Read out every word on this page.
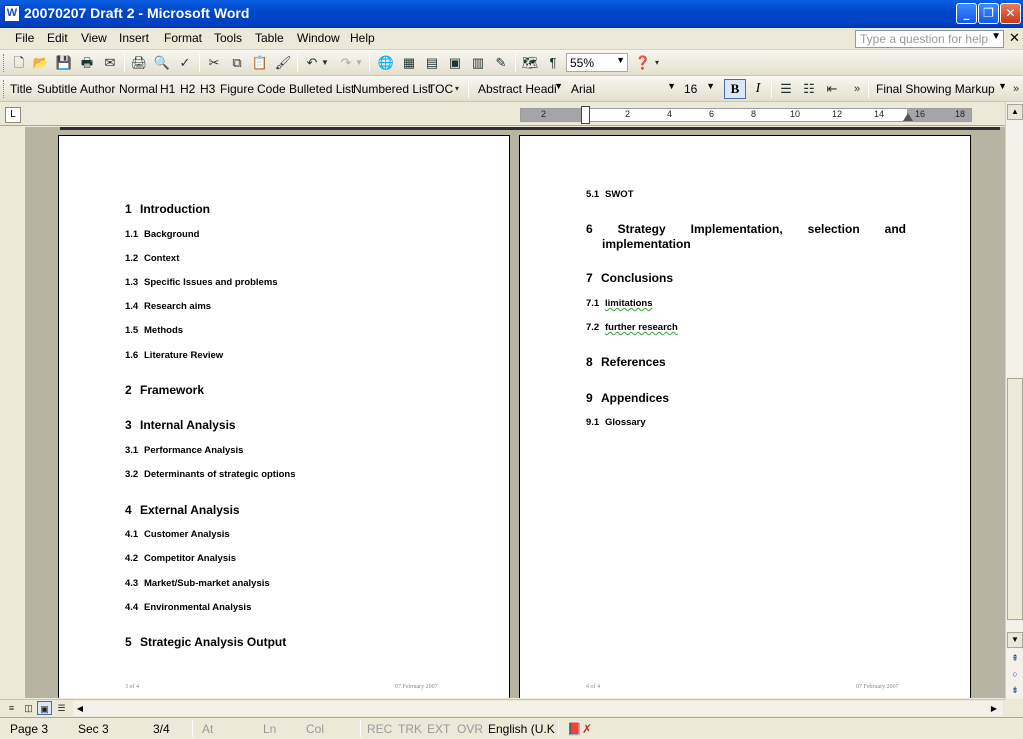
W 20070207 Draft 2 - Microsoft Word	_	❐ ✕
File Edit View Insert Format Tools Table Window Help	Type a question for help ▼ ✕
🗋 📂 💾 🖶 ✉ 🖨 🔍 ✓ ✂ ⧉ 📋 🖌 ↶ ▼ ↷ ▼ 🌐 ▦ ▤ ▣ ▥ ✎ 🗺 ¶	55% ▼ ❓ ▾
Title Subtitle Author Normal H1 H2 H3 Figure Code Bulleted List
Numbered List
TOC ▾	Abstract Headi
▼ Arial	▼ 16 ▼	B	I	☰ ☷ ⇤	»	Final Showing Markup ▼ »
L	2	2	4	6	8	10	12	14	16	18
1 Introduction
1.1 Background
1.2 Context
1.3 Specific Issues and problems
1.4 Research aims
1.5 Methods
1.6 Literature Review
2 Framework
3 Internal Analysis
3.1 Performance Analysis
3.2 Determinants of strategic options
4 External Analysis
4.1 Customer Analysis
4.2 Competitor Analysis
4.3 Market/Sub-market analysis
4.4 Environmental Analysis
5 Strategic Analysis Output
3 of 4	07 February 2007
5.1 SWOT
6 Strategy Implementation, selection and
implementation
7 Conclusions
7.1 limitations
7.2 further research
8 References
9 Appendices
9.1 Glossary
4 of 4	07 February 2007
▲
▼
⇞
○
⇟
≡	◫ ▣ ☰	◀	▶
Page 3 Sec 3	3/4	At	Ln Col	REC TRK EXT OVR English (U.K 📕✗
